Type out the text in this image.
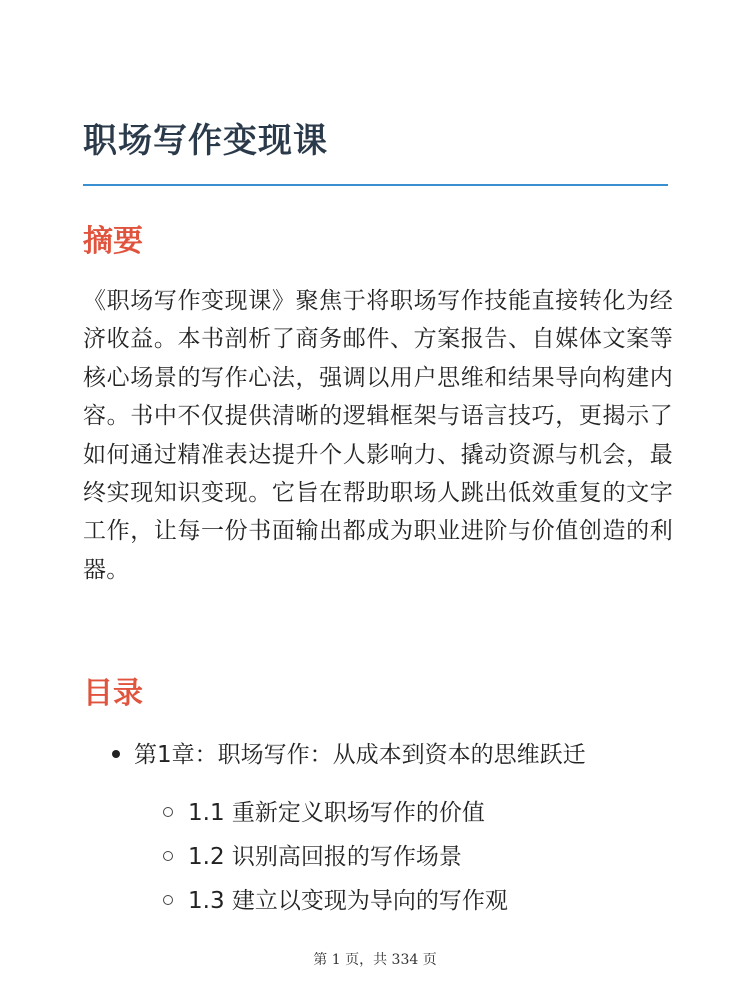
职场写作变现课
摘要

《职场写作变现课》聚焦于将职场写作技能直接转化为经济收益。本书剖析了商务邮件、方案报告、自媒体文案等核心场景的写作心法，强调以用户思维和结果导向构建内容。书中不仅提供清晰的逻辑框架与语言技巧，更揭示了如何通过精准表达提升个人影响力、撬动资源与机会，最终实现知识变现。它旨在帮助职场人跳出低效重复的文字工作，让每一份书面输出都成为职业进阶与价值创造的利器。

目录
第1章：职场写作：从成本到资本的思维跃迁
1.1 重新定义职场写作的价值
1.2 识别高回报的写作场景
1.3 建立以变现为导向的写作观
第 1 页，共 334 页
